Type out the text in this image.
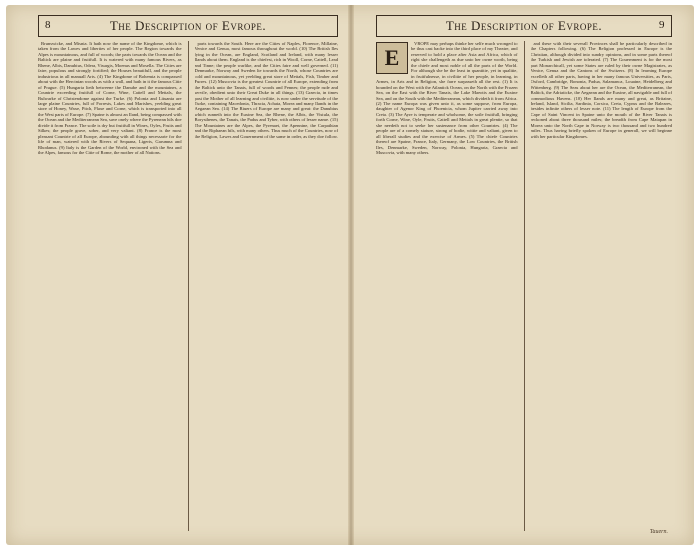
8	The Description of Evrope.

Brunswicke, and Misnia. It hath now the name of the Kingdome, which is taken from the Lawes and liberties of her people. The Region towards the Alpes is mountainous, and full of woods; the parts towards the Ocean and the Baltick are plaine and fruitfull. It is watered with many famous Rivers, as Rhene, Albis, Danubius, Odera, Visurgis, Moenus and Mosella. The Cities are faire, populous and strongly fortified; the Houses beautifull, and the people industrious in all manuall Arts. (4) The Kingdome of Bohemia is compassed about with the Hercinian woods as with a wall, and hath in it the famous Citie of Prague. (5) Hungaria lieth betweene the Danube and the mountaines, a Countrie exceeding fruitfull of Corne, Wine, Cattell and Mettals, the Bulwarke of Christendome against the Turke. (6) Polonia and Lituania are large plaine Countries, full of Forrests, Lakes and Marishes, yeelding great store of Honey, Waxe, Pitch, Flaxe and Corne, which is transported into all the West parts of Europe. (7) Spaine is almost an Iland, being compassed with the Ocean and the Mediterranean Sea, save onely where the Pyrenean hils doe divide it from France. The soile is dry but fruitfull in Wines, Oyles, Fruits and Silkes; the people grave, sober, and very valiant. (8) France is the most pleasant Countrie of all Europe, abounding with all things necessarie for the life of man, watered with the Rivers of Sequana, Ligeris, Garumna and Rhodanus. (9) Italy is the Garden of the World, environed with the Sea and the Alpes, famous for the Citie of Rome, the mother of all Nations.

parts towards the South. Here are the Cities of Naples, Florence, Millaine, Venice and Genua, most famous throughout the world. (10) The British Iles lying in the Ocean, are England, Scotland and Ireland, with many lesser Ilands about them. England is the chiefest, rich in Wooll, Corne, Cattell, Lead and Tinne; the people warlike, and the Cities faire and well governed. (11) Denmarke, Norway and Sweden lie towards the North, whose Countries are cold and mountainous, yet yeelding great store of Mettals, Fish, Timber and Furres. (12) Muscovia is the greatest Countrie of all Europe, extending from the Baltick unto the Tanais, full of woods and Fennes; the people rude and servile, obedient unto their Great Duke in all things. (13) Graecia, in times past the Mother of all learning and civilitie, is now under the servitude of the Turke, containing Macedonia, Thracia, Achaia, Morea and many Ilands in the Aegaean Sea. (14) The Riuers of Europe are many and great: the Danubius which runneth into the Euxine Sea, the Rhene, the Albis, the Vistula, the Borysthenes, the Tanais, the Padus and Tyber, with others of lesser name. (15) The Mountaines are the Alpes, the Pyrenaei, the Apennine, the Carpathian and the Riphaean hils, with many others. Thus much of the Countries, now of the Religion, Lawes and Gouernment of the same in order, as they doe follow.

The Description of Evrope.	9
E

VROPE may perhaps thinke her selfe much wronged to be thus cast backe into the third place of my Theatre, and reserved to hold a place after Asia and Africa, which of right she challengeth as due unto her owne worth, being the chiefe and most noble of all the parts of the World. For although she be the least in quantitie, yet in qualitie, in fruitfulnesse, in civilitie of her people, in learning, in Armes, in Arts and in Religion, she farre surpasseth all the rest. (1) It is bounded on the West with the Atlantick Ocean, on the North with the Frozen Sea, on the East with the River Tanais, the Lake Maeotis and the Euxine Sea, and on the South with the Mediterranean, which divideth it from Africa. (2) The name Europa was given unto it, as some suppose, from Europa, daughter of Agenor King of Phoenicia, whom Jupiter carried away into Creta. (3) The Ayre is temperate and wholsome, the soile fruitfull, bringing forth Corne, Wine, Oyle, Fruits, Cattell and Mettals in great plentie, so that she needeth not to seeke her sustenance from other Countries. (4) The people are of a comely stature, strong of bodie, wittie and valiant, given to all liberall studies and the exercise of Armes. (5) The chiefe Countries thereof are Spaine, France, Italy, Germany, the Low Countries, the British Iles, Denmarke, Sweden, Norway, Polonia, Hungaria, Graecia and Muscovia, with many others.

and these with their severall Provinces shall be particularly described in the Chapters following. (6) The Religion professed in Europe is the Christian, although divided into sundry opinions, and in some parts thereof the Turkish and Jewish are tolerated. (7) The Gouernment is for the most part Monarchicall, yet some States are ruled by their owne Magistrates, as Venice, Genua and the Cantons of the Switzers. (8) In learning Europe excelleth all other parts, having in her many famous Universities, as Paris, Oxford, Cambridge, Bononia, Padua, Salamanca, Louaine, Heidelberg and Wittenberg. (9) The Seas about her are the Ocean, the Mediterranean, the Baltick, the Adriaticke, the Aegaean and the Euxine, all navigable and full of commodious Havens. (10) Her Ilands are many and great, as Britaine, Ireland, Island, Sicilia, Sardinia, Corsica, Creta, Cyprus and the Baleares, besides infinite others of lesser note. (11) The length of Europe from the Cape of Saint Vincent in Spaine unto the mouth of the River Tanais is reckoned about three thousand miles; the breadth from Cape Matapan in Morea unto the North Cape in Norway is two thousand and two hundred miles. Thus having briefly spoken of Europe in generall, we will beginne with her particular Kingdomes.

Tauern.
